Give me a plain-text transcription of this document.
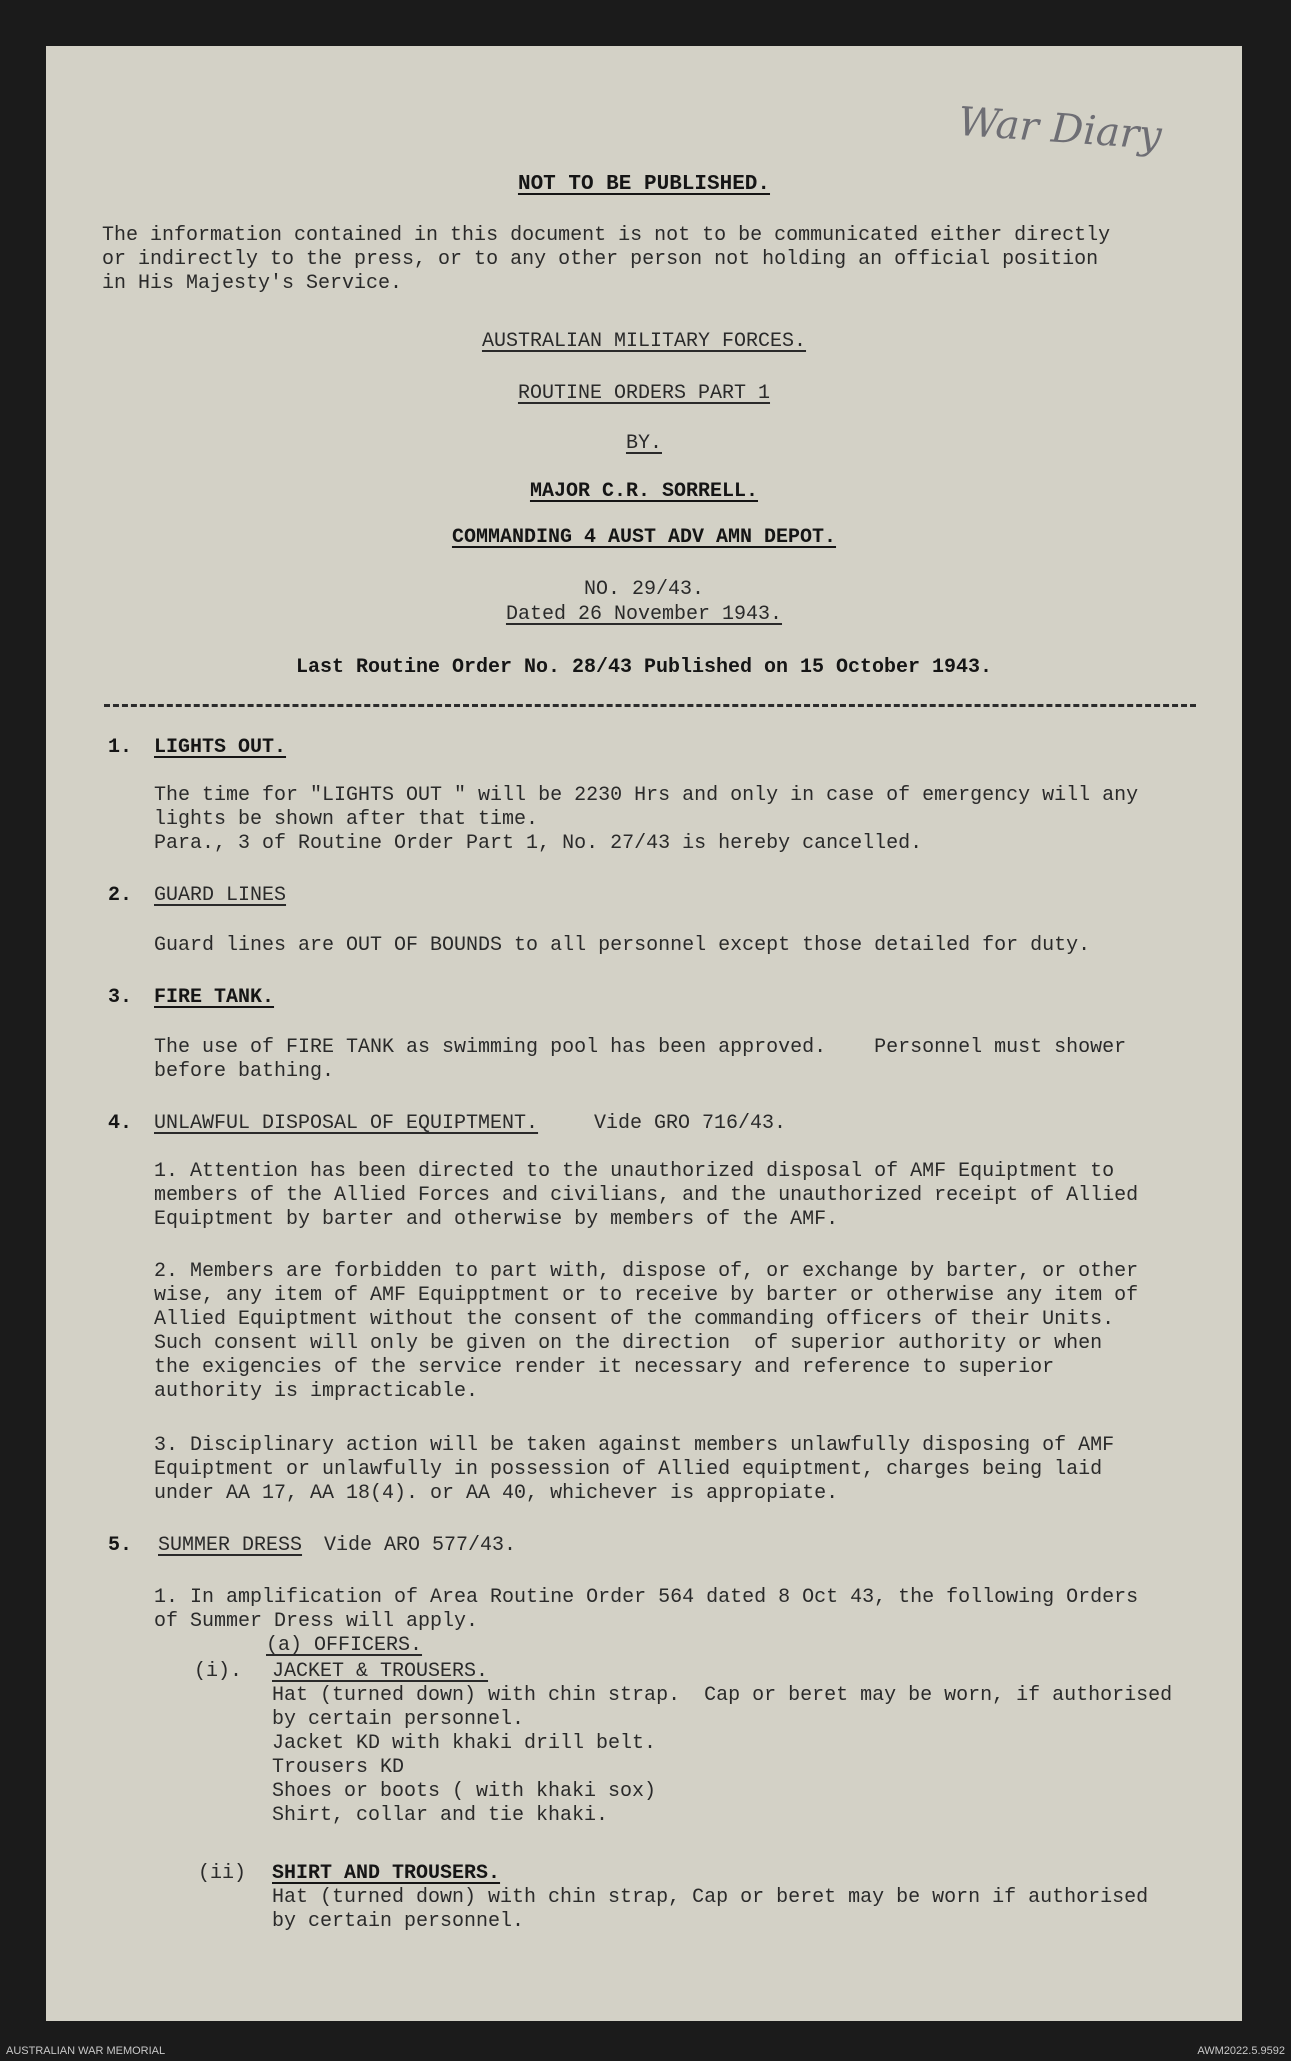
War Diary
NOT TO BE PUBLISHED.
The information contained in this document is not to be communicated either directly
or indirectly to the press, or to any other person not holding an official position
in His Majesty's Service.
AUSTRALIAN MILITARY FORCES.
ROUTINE ORDERS PART 1
BY.
MAJOR C.R. SORRELL.
COMMANDING 4 AUST ADV AMN DEPOT.
NO. 29/43.
Dated 26 November 1943.
Last Routine Order No. 28/43 Published on 15 October 1943.
1. LIGHTS OUT.
The time for "LIGHTS OUT " will be 2230 Hrs and only in case of emergency will any
lights be shown after that time.
Para., 3 of Routine Order Part 1, No. 27/43 is hereby cancelled.
2. GUARD LINES
Guard lines are OUT OF BOUNDS to all personnel except those detailed for duty.
3. FIRE TANK.
The use of FIRE TANK as swimming pool has been approved.    Personnel must shower
before bathing.
4. UNLAWFUL DISPOSAL OF EQUIPTMENT.	Vide GRO 716/43.
1. Attention has been directed to the unauthorized disposal of AMF Equiptment to
members of the Allied Forces and civilians, and the unauthorized receipt of Allied
Equiptment by barter and otherwise by members of the AMF.
2. Members are forbidden to part with, dispose of, or exchange by barter, or other
wise, any item of AMF Equipptment or to receive by barter or otherwise any item of
Allied Equiptment without the consent of the commanding officers of their Units.
Such consent will only be given on the direction  of superior authority or when
the exigencies of the service render it necessary and reference to superior
authority is impracticable.
3. Disciplinary action will be taken against members unlawfully disposing of AMF
Equiptment or unlawfully in possession of Allied equiptment, charges being laid
under AA 17, AA 18(4). or AA 40, whichever is appropiate.
5. SUMMER DRESS Vide ARO 577/43.
1. In amplification of Area Routine Order 564 dated 8 Oct 43, the following Orders
of Summer Dress will apply.
(a) OFFICERS.
(i). JACKET & TROUSERS.
Hat (turned down) with chin strap.  Cap or beret may be worn, if authorised
by certain personnel.
Jacket KD with khaki drill belt.
Trousers KD
Shoes or boots ( with khaki sox)
Shirt, collar and tie khaki.
(ii) SHIRT AND TROUSERS.
Hat (turned down) with chin strap, Cap or beret may be worn if authorised
by certain personnel.
AUSTRALIAN WAR MEMORIAL	AWM2022.5.9592
